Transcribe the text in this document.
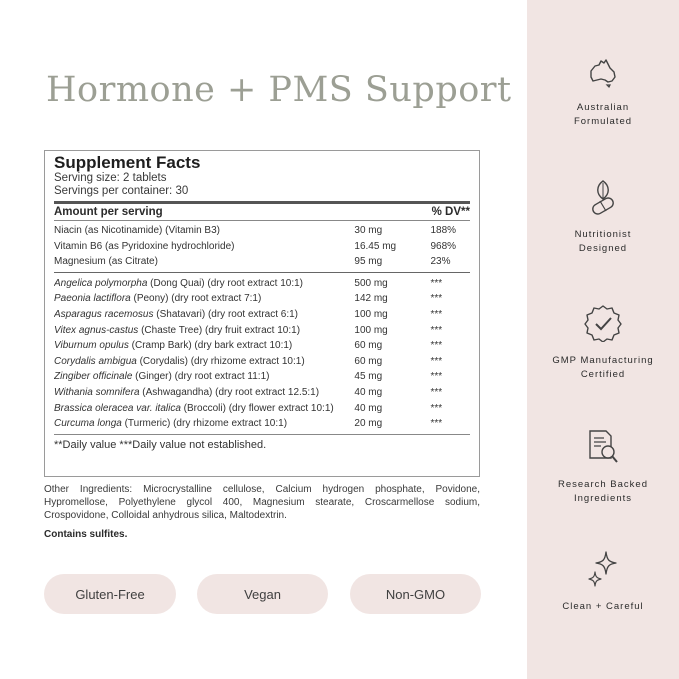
Hormone + PMS Support
Supplement Facts
Serving size: 2 tablets
Servings per container: 30
Amount per serving	% DV**
Niacin (as Nicotinamide) (Vitamin B3)	30 mg	188%
Vitamin B6 (as Pyridoxine hydrochloride)	16.45 mg	968%
Magnesium (as Citrate)	95 mg	23%
Angelica polymorpha (Dong Quai) (dry root extract 10:1)	500 mg	***
Paeonia lactiflora (Peony) (dry root extract 7:1)	142 mg	***
Asparagus racemosus (Shatavari) (dry root extract 6:1)	100 mg	***
Vitex agnus-castus (Chaste Tree) (dry fruit extract 10:1)	100 mg	***
Viburnum opulus (Cramp Bark) (dry bark extract 10:1)	60 mg	***
Corydalis ambigua (Corydalis) (dry rhizome extract 10:1)	60 mg	***
Zingiber officinale (Ginger) (dry root extract 11:1)	45 mg	***
Withania somnifera (Ashwagandha) (dry root extract 12.5:1)	40 mg	***
Brassica oleracea var. italica (Broccoli) (dry flower extract 10:1)	40 mg	***
Curcuma longa (Turmeric) (dry rhizome extract 10:1)	20 mg	***
**Daily value ***Daily value not established.
Other Ingredients: Microcrystalline cellulose, Calcium hydrogen phosphate, Povidone, Hypromellose, Polyethylene glycol 400, Magnesium stearate, Croscarmellose sodium, Crospovidone, Colloidal anhydrous silica, Maltodextrin.
Contains sulfites.
Gluten-Free	Vegan	Non-GMO
Australian
Formulated
Nutritionist
Designed
GMP Manufacturing
Certified
Research Backed
Ingredients
Clean + Careful
